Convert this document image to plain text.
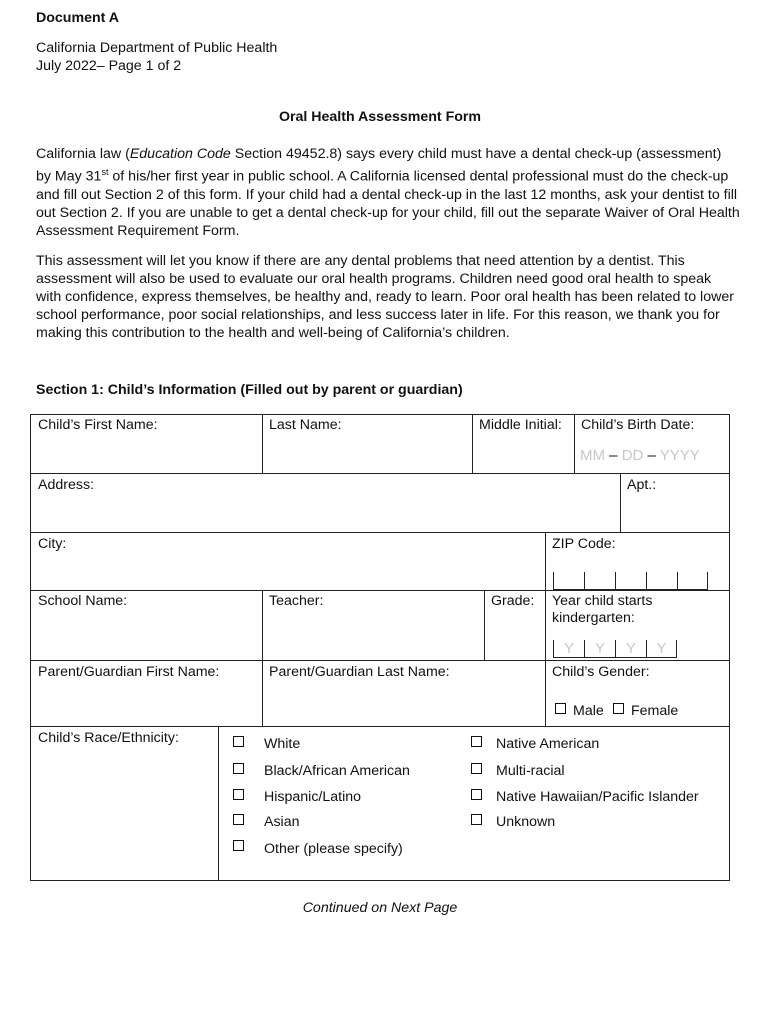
Document A
California Department of Public Health
July 2022– Page 1 of 2
Oral Health Assessment Form
California law (Education Code Section 49452.8) says every child must have a dental check-up (assessment) by May 31st of his/her first year in public school. A California licensed dental professional must do the check-up and fill out Section 2 of this form. If your child had a dental check-up in the last 12 months, ask your dentist to fill out Section 2. If you are unable to get a dental check-up for your child, fill out the separate Waiver of Oral Health Assessment Requirement Form.
This assessment will let you know if there are any dental problems that need attention by a dentist. This assessment will also be used to evaluate our oral health programs. Children need good oral health to speak with confidence, express themselves, be healthy and, ready to learn. Poor oral health has been related to lower school performance, poor social relationships, and less success later in life. For this reason, we thank you for making this contribution to the health and well-being of California’s children.
Section 1: Child’s Information (Filled out by parent or guardian)
Child’s First Name:	Last Name:	Middle Initial: Child’s Birth Date:
MM – DD – YYYY
Address:	Apt.:
City:	ZIP Code:
School Name:	Teacher:	Grade: Year child starts kindergarten:
Y	Y	Y	Y
Parent/Guardian First Name:	Parent/Guardian Last Name:	Child’s Gender:
Male Female
Child’s Race/Ethnicity:	White
Black/African American
Hispanic/Latino
Asian
Other (please specify)
Native American
Multi-racial
Native Hawaiian/Pacific Islander
Unknown
Continued on Next Page
